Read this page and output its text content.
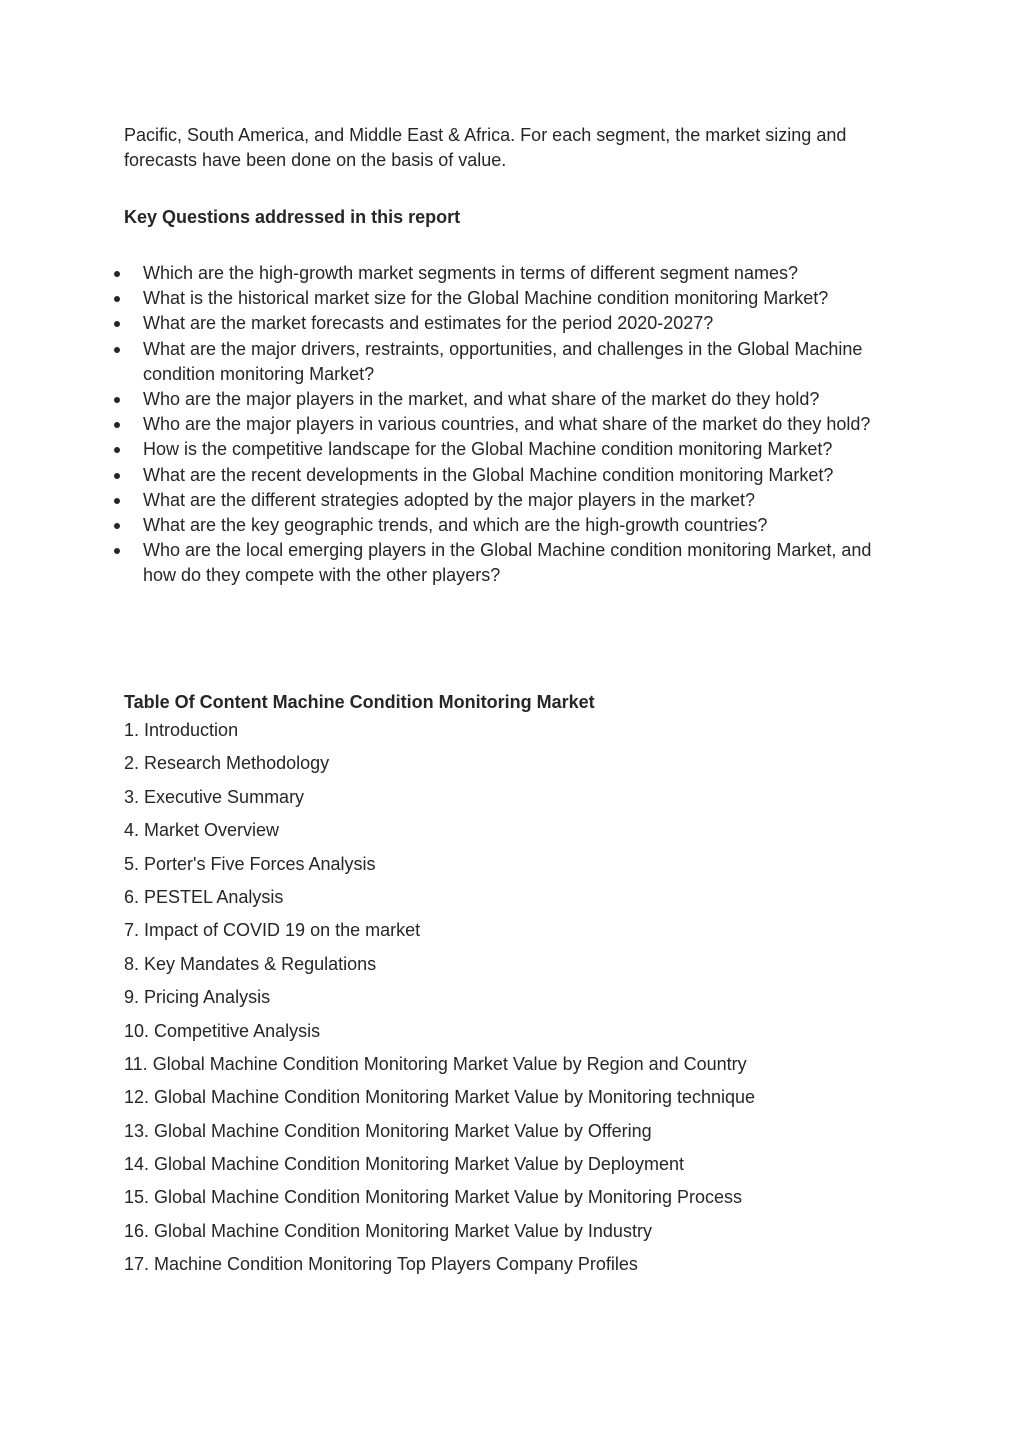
Pacific, South America, and Middle East & Africa. For each segment, the market sizing and forecasts have been done on the basis of value.

Key Questions addressed in this report

Which are the high-growth market segments in terms of different segment names?
What is the historical market size for the Global Machine condition monitoring Market?
What are the market forecasts and estimates for the period 2020-2027?
What are the major drivers, restraints, opportunities, and challenges in the Global Machine condition monitoring Market?
Who are the major players in the market, and what share of the market do they hold?
Who are the major players in various countries, and what share of the market do they hold?
How is the competitive landscape for the Global Machine condition monitoring Market?
What are the recent developments in the Global Machine condition monitoring Market?
What are the different strategies adopted by the major players in the market?
What are the key geographic trends, and which are the high-growth countries?
Who are the local emerging players in the Global Machine condition monitoring Market, and how do they compete with the other players?

Table Of Content Machine Condition Monitoring Market

1. Introduction
2. Research Methodology
3. Executive Summary
4. Market Overview
5. Porter's Five Forces Analysis
6. PESTEL Analysis
7. Impact of COVID 19 on the market
8. Key Mandates & Regulations
9. Pricing Analysis
10. Competitive Analysis
11. Global Machine Condition Monitoring Market Value by Region and Country
12. Global Machine Condition Monitoring Market Value by Monitoring technique
13. Global Machine Condition Monitoring Market Value by Offering
14. Global Machine Condition Monitoring Market Value by Deployment
15. Global Machine Condition Monitoring Market Value by Monitoring Process
16. Global Machine Condition Monitoring Market Value by Industry
17. Machine Condition Monitoring Top Players Company Profiles
